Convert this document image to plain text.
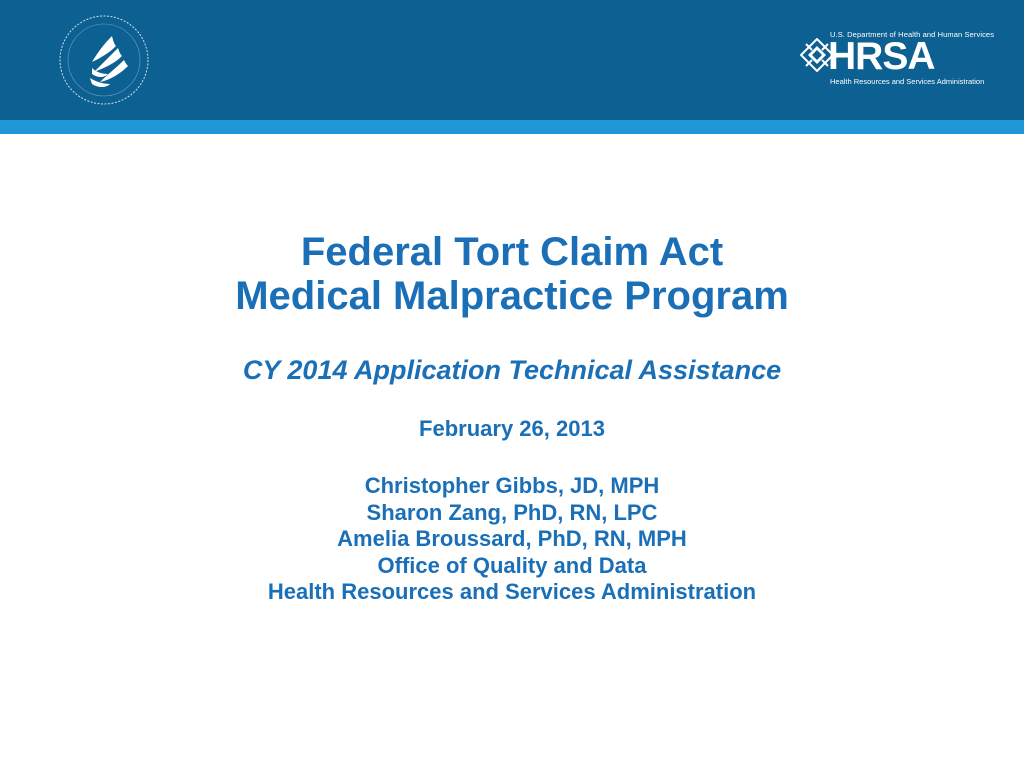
U.S. Department of Health and Human Services
HRSA
Health Resources and Services Administration
Federal Tort Claim Act
Medical Malpractice Program
CY 2014 Application Technical Assistance
February 26, 2013
Christopher Gibbs, JD, MPH
Sharon Zang, PhD, RN, LPC
Amelia Broussard, PhD, RN, MPH
Office of Quality and Data
Health Resources and Services Administration
